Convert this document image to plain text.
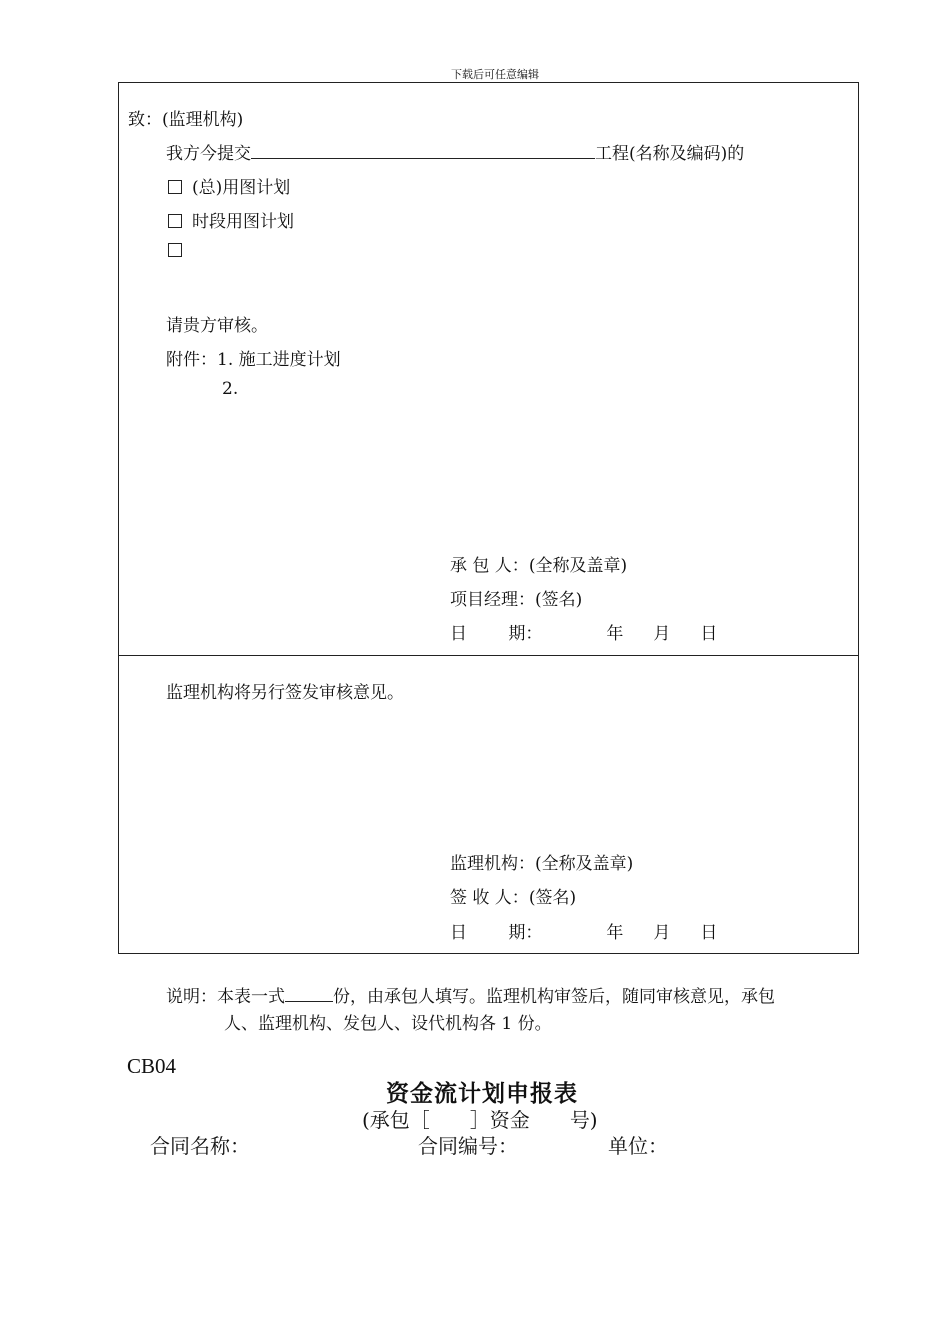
下载后可任意编辑
致：(监理机构)
我方今提交	工程(名称及编码)的
(总)用图计划
时段用图计划
请贵方审核。
附件：1. 施工进度计划
2.
承 包 人：(全称及盖章)
项目经理：(签名)
日 期：	年 月 日
监理机构将另行签发审核意见。
监理机构：(全称及盖章)
签 收 人：(签名)
日 期：	年 月 日
说明：本表一式	份，由承包人填写。监理机构审签后，随同审核意见，承包
人、监理机构、发包人、设代机构各 1 份。
CB04
资金流计划申报表
(承包［ ］资金 号)
合同名称：	合同编号：	单位：
